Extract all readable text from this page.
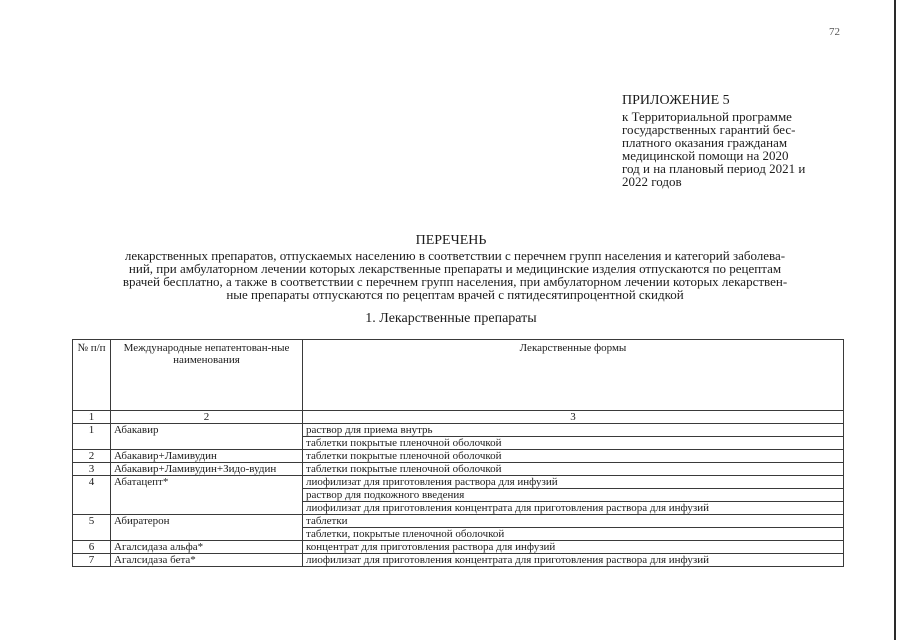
72
ПРИЛОЖЕНИЕ 5
к Территориальной программе
государственных гарантий бес-
платного оказания гражданам
медицинской помощи на 2020
год и на плановый период 2021 и
2022 годов
ПЕРЕЧЕНЬ
лекарственных препаратов, отпускаемых населению в соответствии с перечнем групп населения и категорий заболева-
ний, при амбулаторном лечении которых лекарственные препараты и медицинские изделия отпускаются по рецептам
врачей бесплатно, а также в соответствии с перечнем групп населения, при амбулаторном лечении которых лекарствен-
ные препараты отпускаются по рецептам врачей с пятидесятипроцентной скидкой
1. Лекарственные препараты
№ п/п	Международные непатентован-ные наименования	Лекарственные формы
1	2	3
1	Абакавир	раствор для приема внутрь
		таблетки покрытые пленочной оболочкой
2	Абакавир+Ламивудин	таблетки покрытые пленочной оболочкой
3	Абакавир+Ламивудин+Зидо-вудин	таблетки покрытые пленочной оболочкой
4	Абатацепт*	лиофилизат для приготовления раствора для инфузий
		раствор для подкожного введения
		лиофилизат для приготовления концентрата для приготовления раствора для инфузий
5	Абиратерон	таблетки
		таблетки, покрытые пленочной оболочкой
6	Агалсидаза альфа*	концентрат для приготовления раствора для инфузий
7	Агалсидаза бета*	лиофилизат для приготовления концентрата для приготовления раствора для инфузий
